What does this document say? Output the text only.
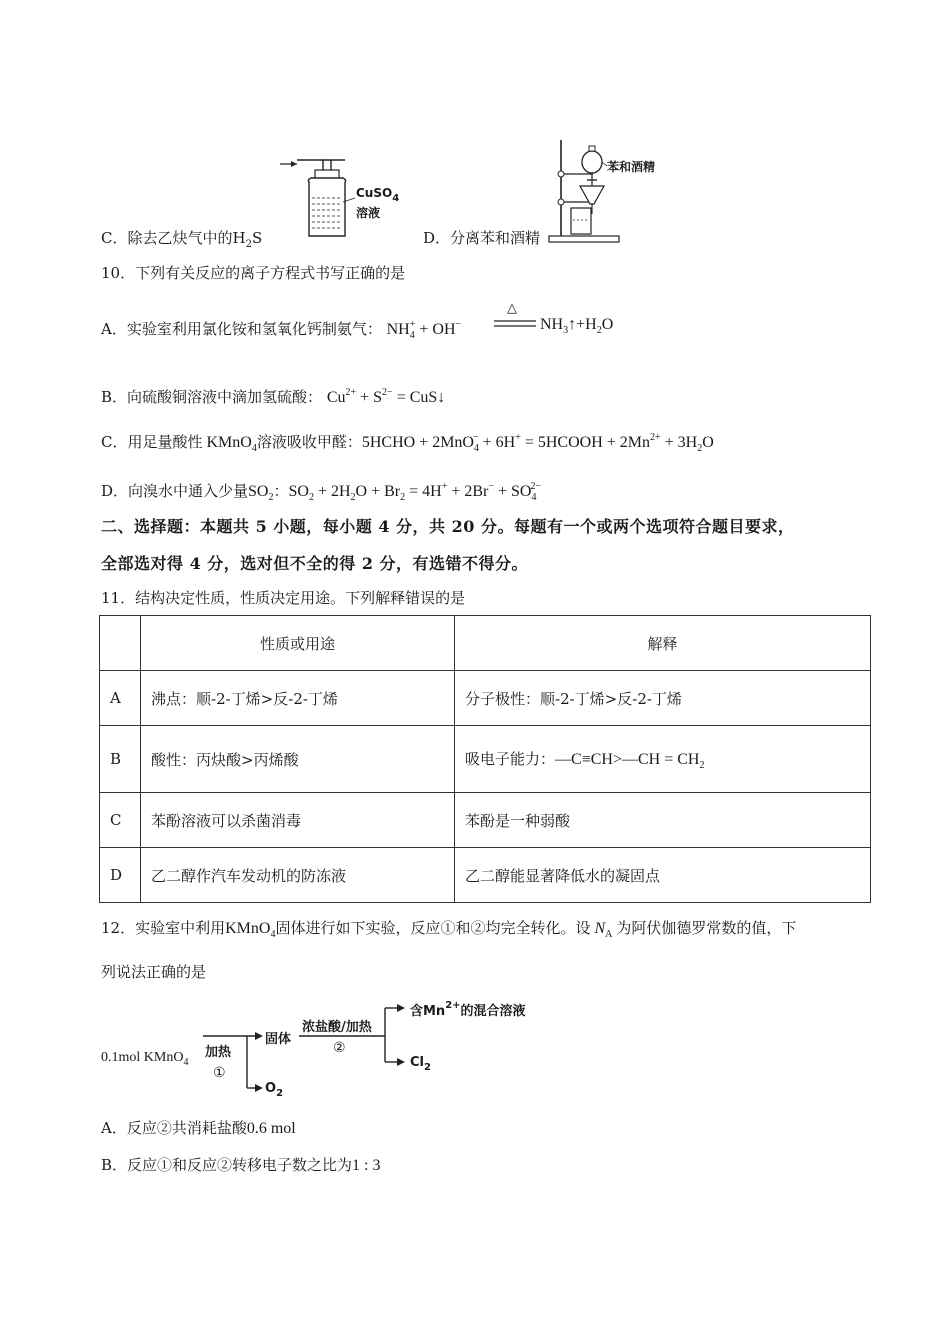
CuSO$_4$
溶液
C．除去乙炔气中的$H_2S$
苯和酒精
D．分离苯和酒精
10．下列有关反应的离子方程式书写正确的是
A．实验室利用氯化铵和氢氧化钙制氨气： $NH_4^+ + OH^-$
△
$NH_3↑+H_2O$
B．向硫酸铜溶液中滴加氢硫酸： $Cu^{2+} + S^{2-}$ = CuS↓
C．用足量酸性 KMnO$_4$溶液吸收甲醛：5HCHO + 2MnO$_4$− + 6H+ = 5HCOOH + $2Mn^{2+} + 3H_2O$
D．向溴水中通入少量$SO_2$：$SO_2 + 2H_2O + Br_2 = 4H^+ + 2Br^- + SO_4^{2-}$
二、选择题：本题共 5 小题，每小题 4 分，共 20 分。每题有一个或两个选项符合题目要求，
全部选对得 4 分，选对但不全的得 2 分，有选错不得分。
11．结构决定性质，性质决定用途。下列解释错误的是
	性质或用途	解释
A	沸点：顺-2-丁烯>反-2-丁烯	分子极性：顺-2-丁烯>反-2-丁烯
B	酸性：丙炔酸>丙烯酸	吸电子能力：—C≡CH>—CH = $CH_2$
C	苯酚溶液可以杀菌消毒	苯酚是一种弱酸
D	乙二醇作汽车发动机的防冻液	乙二醇能显著降低水的凝固点
12．实验室中利用KMnO$_4$固体进行如下实验，反应①和②均完全转化。设 $N_A$ 为阿伏伽德罗常数的值，下
列说法正确的是
0.1mol KMnO$_4$
加热
①
固体
$O_2$
浓盐酸/加热
②
含$Mn^{2+}$的混合溶液
$Cl_2$
A．反应②共消耗盐酸0.6 mol
B．反应①和反应②转移电子数之比为1 : 3
